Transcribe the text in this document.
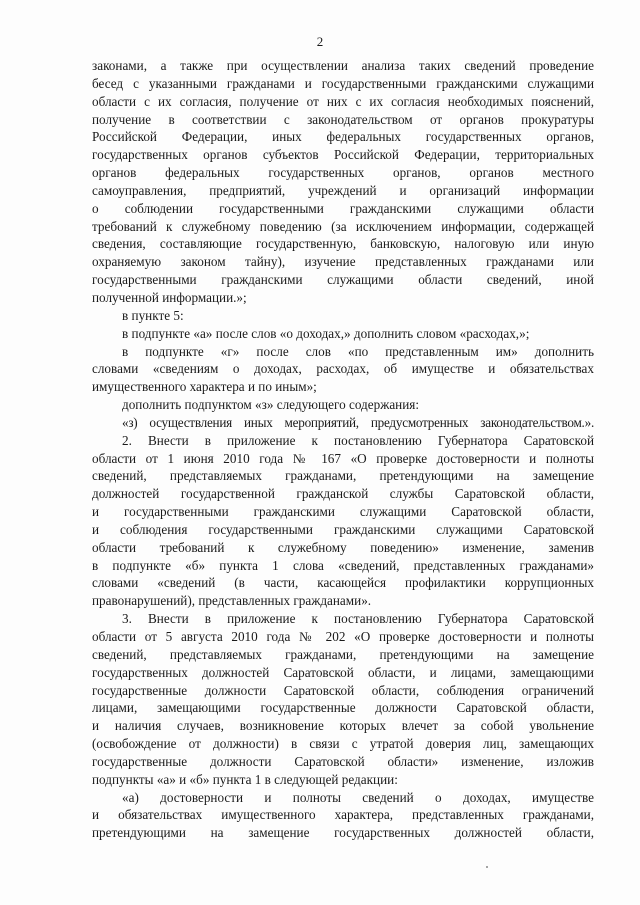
2
законами, а также при осуществлении анализа таких сведений проведение
бесед с указанными гражданами и государственными гражданскими служащими
области с их согласия, получение от них с их согласия необходимых пояснений,
получение в соответствии с законодательством от органов прокуратуры
Российской Федерации, иных федеральных государственных органов,
государственных органов субъектов Российской Федерации, территориальных
органов федеральных государственных органов, органов местного
самоуправления, предприятий, учреждений и организаций информации
о соблюдении государственными гражданскими служащими области
требований к служебному поведению (за исключением информации, содержащей
сведения, составляющие государственную, банковскую, налоговую или иную
охраняемую законом тайну), изучение представленных гражданами или
государственными гражданскими служащими области сведений, иной
полученной информации.»;
в пункте 5:
в подпункте «а» после слов «о доходах,» дополнить словом «расходах,»;
в подпункте «г» после слов «по представленным им» дополнить
словами «сведениям о доходах, расходах, об имуществе и обязательствах
имущественного характера и по иным»;
дополнить подпунктом «з» следующего содержания:
«з) осуществления иных мероприятий, предусмотренных законодательством.».
2. Внести в приложение к постановлению Губернатора Саратовской
области от 1 июня 2010 года № 167 «О проверке достоверности и полноты
сведений, представляемых гражданами, претендующими на замещение
должностей государственной гражданской службы Саратовской области,
и государственными гражданскими служащими Саратовской области,
и соблюдения государственными гражданскими служащими Саратовской
области требований к служебному поведению» изменение, заменив
в подпункте «б» пункта 1 слова «сведений, представленных гражданами»
словами «сведений (в части, касающейся профилактики коррупционных
правонарушений), представленных гражданами».
3. Внести в приложение к постановлению Губернатора Саратовской
области от 5 августа 2010 года № 202 «О проверке достоверности и полноты
сведений, представляемых гражданами, претендующими на замещение
государственных должностей Саратовской области, и лицами, замещающими
государственные должности Саратовской области, соблюдения ограничений
лицами, замещающими государственные должности Саратовской области,
и наличия случаев, возникновение которых влечет за собой увольнение
(освобождение от должности) в связи с утратой доверия лиц, замещающих
государственные должности Саратовской области» изменение, изложив
подпункты «а» и «б» пункта 1 в следующей редакции:
«а) достоверности и полноты сведений о доходах, имуществе
и обязательствах имущественного характера, представленных гражданами,
претендующими на замещение государственных должностей области,
